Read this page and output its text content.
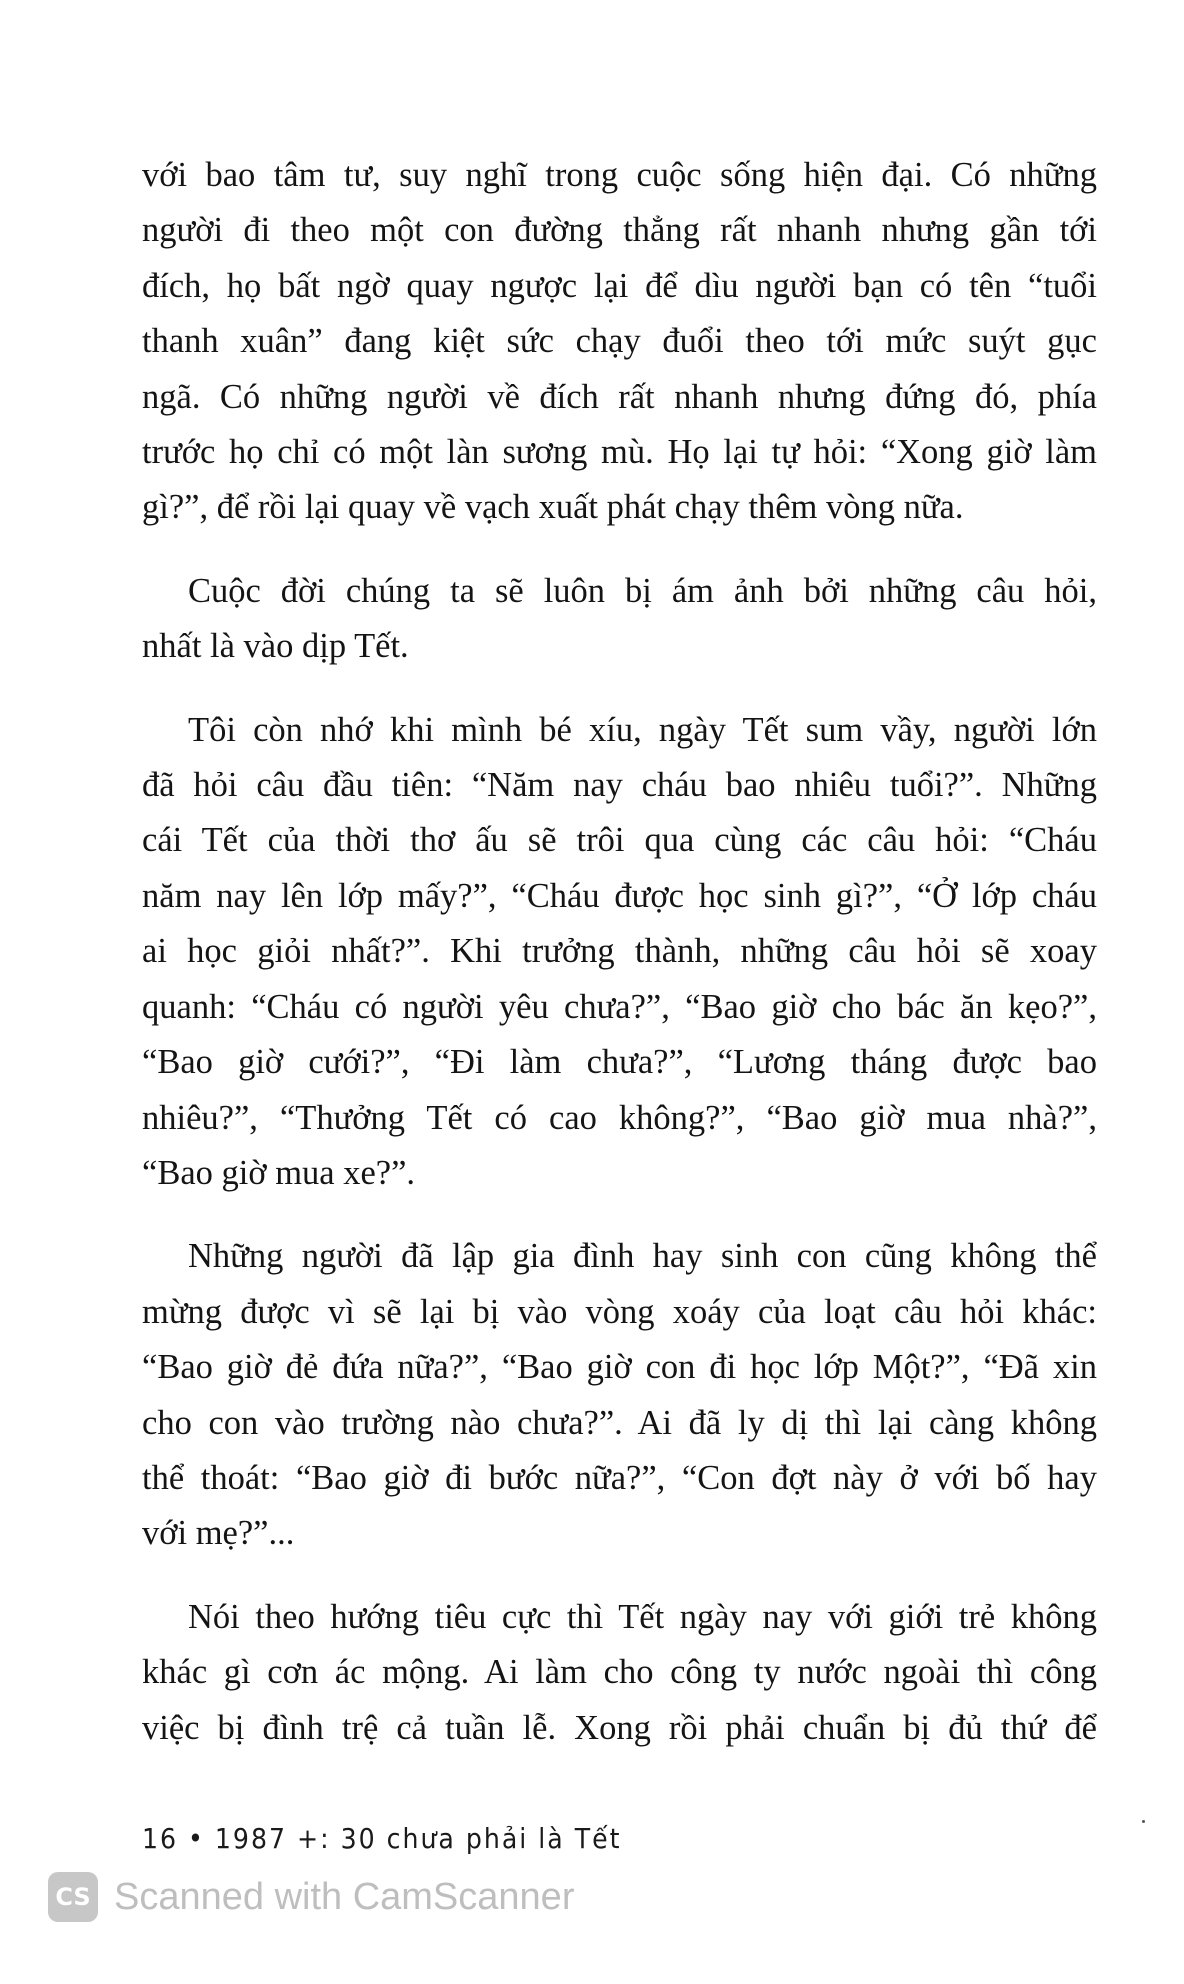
với bao tâm tư, suy nghĩ trong cuộc sống hiện đại. Có những
người đi theo một con đường thẳng rất nhanh nhưng gần tới
đích, họ bất ngờ quay ngược lại để dìu người bạn có tên “tuổi
thanh xuân” đang kiệt sức chạy đuổi theo tới mức suýt gục
ngã. Có những người về đích rất nhanh nhưng đứng đó, phía
trước họ chỉ có một làn sương mù. Họ lại tự hỏi: “Xong giờ làm
gì?”, để rồi lại quay về vạch xuất phát chạy thêm vòng nữa.

Cuộc đời chúng ta sẽ luôn bị ám ảnh bởi những câu hỏi,
nhất là vào dịp Tết.

Tôi còn nhớ khi mình bé xíu, ngày Tết sum vầy, người lớn
đã hỏi câu đầu tiên: “Năm nay cháu bao nhiêu tuổi?”. Những
cái Tết của thời thơ ấu sẽ trôi qua cùng các câu hỏi: “Cháu
năm nay lên lớp mấy?”, “Cháu được học sinh gì?”, “Ở lớp cháu
ai học giỏi nhất?”. Khi trưởng thành, những câu hỏi sẽ xoay
quanh: “Cháu có người yêu chưa?”, “Bao giờ cho bác ăn kẹo?”,
“Bao giờ cưới?”, “Đi làm chưa?”, “Lương tháng được bao
nhiêu?”, “Thưởng Tết có cao không?”, “Bao giờ mua nhà?”,
“Bao giờ mua xe?”.

Những người đã lập gia đình hay sinh con cũng không thể
mừng được vì sẽ lại bị vào vòng xoáy của loạt câu hỏi khác:
“Bao giờ đẻ đứa nữa?”, “Bao giờ con đi học lớp Một?”, “Đã xin
cho con vào trường nào chưa?”. Ai đã ly dị thì lại càng không
thể thoát: “Bao giờ đi bước nữa?”, “Con đợt này ở với bố hay
với mẹ?”...

Nói theo hướng tiêu cực thì Tết ngày nay với giới trẻ không
khác gì cơn ác mộng. Ai làm cho công ty nước ngoài thì công
việc bị đình trệ cả tuần lễ. Xong rồi phải chuẩn bị đủ thứ để

16 • 1987 +: 30 chưa phải là Tết
CS Scanned with CamScanner
